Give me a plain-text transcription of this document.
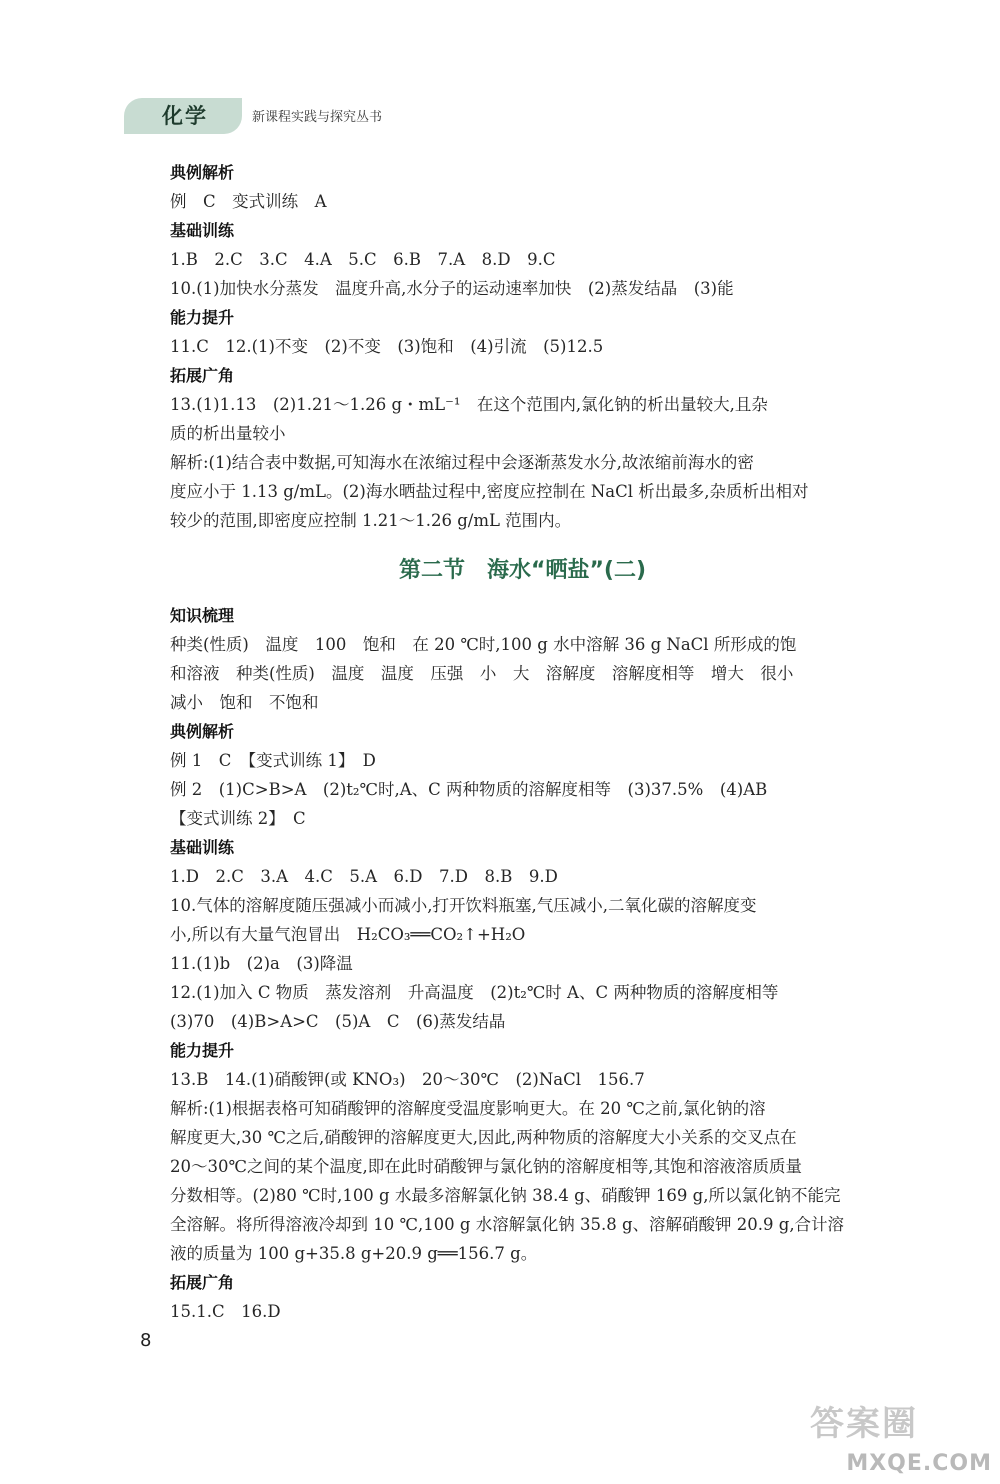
化学	新课程实践与探究丛书
典例解析
例　C　变式训练　A
基础训练
1.B　2.C　3.C　4.A　5.C　6.B　7.A　8.D　9.C
10.(1)加快水分蒸发　温度升高,水分子的运动速率加快　(2)蒸发结晶　(3)能
能力提升
11.C　12.(1)不变　(2)不变　(3)饱和　(4)引流　(5)12.5
拓展广角
13.(1)1.13　(2)1.21～1.26 g・mL⁻¹　在这个范围内,氯化钠的析出量较大,且杂
质的析出量较小
解析:(1)结合表中数据,可知海水在浓缩过程中会逐渐蒸发水分,故浓缩前海水的密
度应小于 1.13 g/mL。(2)海水晒盐过程中,密度应控制在 NaCl 析出最多,杂质析出相对
较少的范围,即密度应控制 1.21～1.26 g/mL 范围内。
第二节　海水“晒盐”(二)
知识梳理
种类(性质)　温度　100　饱和　在 20 ℃时,100 g 水中溶解 36 g NaCl 所形成的饱
和溶液　种类(性质)　温度　温度　压强　小　大　溶解度　溶解度相等　增大　很小
减小　饱和　不饱和
典例解析
例 1　C　【变式训练 1】　D
例 2　(1)C>B>A　(2)t₂℃时,A、C 两种物质的溶解度相等　(3)37.5%　(4)AB
【变式训练 2】　C
基础训练
1.D　2.C　3.A　4.C　5.A　6.D　7.D　8.B　9.D
10.气体的溶解度随压强减小而减小,打开饮料瓶塞,气压减小,二氧化碳的溶解度变
小,所以有大量气泡冒出　H₂CO₃══CO₂↑+H₂O
11.(1)b　(2)a　(3)降温
12.(1)加入 C 物质　蒸发溶剂　升高温度　(2)t₂℃时 A、C 两种物质的溶解度相等
(3)70　(4)B>A>C　(5)A　C　(6)蒸发结晶
能力提升
13.B　14.(1)硝酸钾(或 KNO₃)　20～30℃　(2)NaCl　156.7
解析:(1)根据表格可知硝酸钾的溶解度受温度影响更大。在 20 ℃之前,氯化钠的溶
解度更大,30 ℃之后,硝酸钾的溶解度更大,因此,两种物质的溶解度大小关系的交叉点在
20～30℃之间的某个温度,即在此时硝酸钾与氯化钠的溶解度相等,其饱和溶液溶质质量
分数相等。(2)80 ℃时,100 g 水最多溶解氯化钠 38.4 g、硝酸钾 169 g,所以氯化钠不能完
全溶解。将所得溶液冷却到 10 ℃,100 g 水溶解氯化钠 35.8 g、溶解硝酸钾 20.9 g,合计溶
液的质量为 100 g+35.8 g+20.9 g══156.7 g。
拓展广角
15.1.C　16.D
8
答案圈
MXQE.COM
